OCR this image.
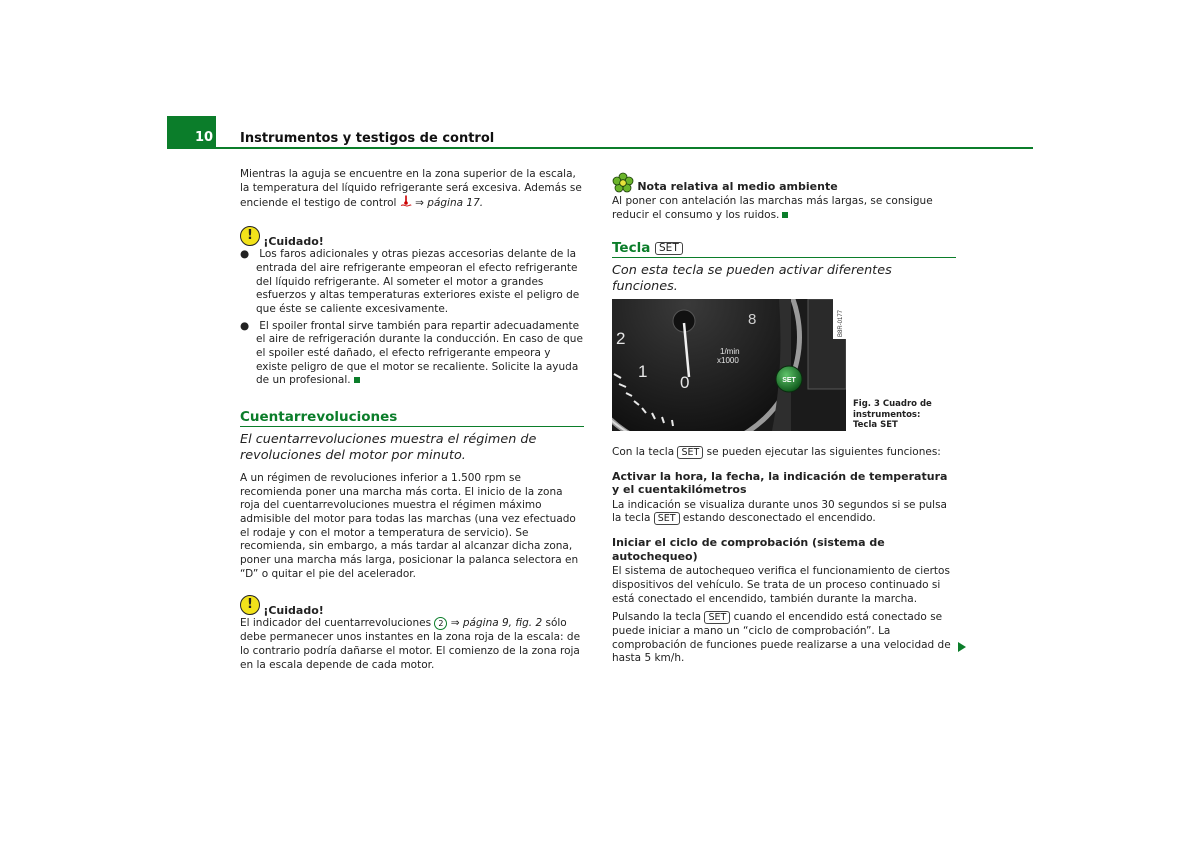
10 Instrumentos y testigos de control

Mientras la aguja se encuentre en la zona superior de la escala, la temperatura del líquido refrigerante será excesiva. Además se enciende el testigo de control ⇒ página 17.

! ¡Cuidado!

●   Los faros adicionales y otras piezas accesorias delante de la entrada del aire refrigerante empeoran el efecto refrigerante del líquido refrigerante. Al someter el motor a grandes esfuerzos y altas temperaturas exteriores existe el peligro de que éste se caliente excesivamente.

●   El spoiler frontal sirve también para repartir adecuadamente el aire de refrigeración durante la conducción. En caso de que el spoiler esté dañado, el efecto refrigerante empeora y existe peligro de que el motor se recaliente. Solicite la ayuda de un profesional.

Cuentarrevoluciones

El cuentarrevoluciones muestra el régimen de revoluciones del motor por minuto.

A un régimen de revoluciones inferior a 1.500 rpm se recomienda poner una marcha más corta. El inicio de la zona roja del cuentarrevoluciones muestra el régimen máximo admisible del motor para todas las marchas (una vez efectuado el rodaje y con el motor a temperatura de servicio). Se recomienda, sin embargo, a más tardar al alcanzar dicha zona, poner una marcha más larga, posicionar la palanca selectora en “D” o quitar el pie del acelerador.

! ¡Cuidado!

El indicador del cuentarrevoluciones 2 ⇒ página 9, fig. 2 sólo debe permanecer unos instantes en la zona roja de la escala: de lo contrario podría dañarse el motor. El comienzo de la zona roja en la escala depende de cada motor.

Nota relativa al medio ambiente

Al poner con antelación las marchas más largas, se consigue reducir el consumo y los ruidos.

Tecla SET

Con esta tecla se pueden activar diferentes funciones.

2
1
0
8
1/min
x1000
SET
B8R-0177
Fig. 3 Cuadro de instrumentos: Tecla SET

Con la tecla SET se pueden ejecutar las siguientes funciones:

Activar la hora, la fecha, la indicación de temperatura y el cuentakilómetros

La indicación se visualiza durante unos 30 segundos si se pulsa la tecla SET estando desconectado el encendido.

Iniciar el ciclo de comprobación (sistema de autochequeo)

El sistema de autochequeo verifica el funcionamiento de ciertos dispositivos del vehículo. Se trata de un proceso continuado si está conectado el encendido, también durante la marcha.

Pulsando la tecla SET cuando el encendido está conectado se puede iniciar a mano un “ciclo de comprobación”. La comprobación de funciones puede realizarse a una velocidad de hasta 5 km/h.
